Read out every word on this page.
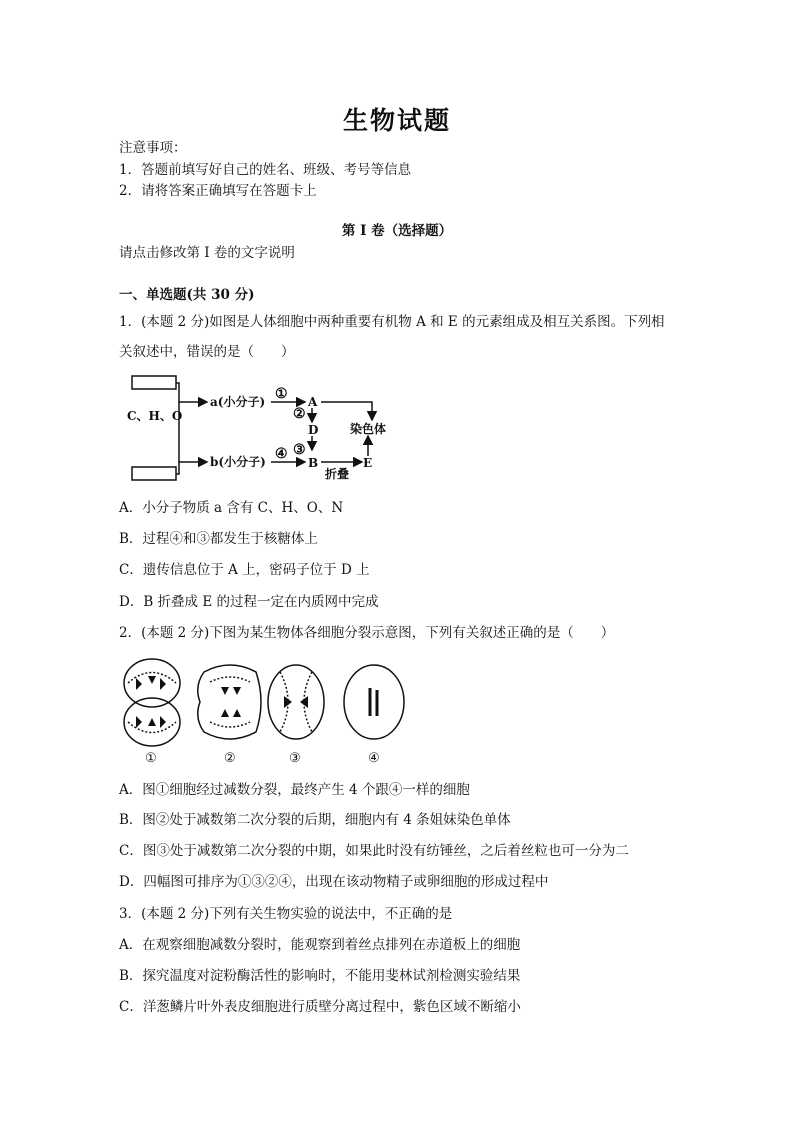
生物试题
注意事项：
1．答题前填写好自己的姓名、班级、考号等信息
2．请将答案正确填写在答题卡上
第 I 卷（选择题）
请点击修改第 I 卷的文字说明
一、单选题(共 30 分)
1．(本题 2 分)如图是人体细胞中两种重要有机物 A 和 E 的元素组成及相互关系图。下列相
关叙述中，错误的是（　　）
C、H、O
a(小分子)
b(小分子)
①
②
③
④
A
D
B	E
染色体
折叠
A．小分子物质 a 含有 C、H、O、N
B．过程④和③都发生于核糖体上
C．遗传信息位于 A 上，密码子位于 D 上
D．B 折叠成 E 的过程一定在内质网中完成
2．(本题 2 分)下图为某生物体各细胞分裂示意图，下列有关叙述正确的是（　　）
①	②	③	④
A．图①细胞经过减数分裂，最终产生 4 个跟④一样的细胞
B．图②处于减数第二次分裂的后期，细胞内有 4 条姐妹染色单体
C．图③处于减数第二次分裂的中期，如果此时没有纺锤丝，之后着丝粒也可一分为二
D．四幅图可排序为①③②④，出现在该动物精子或卵细胞的形成过程中
3．(本题 2 分)下列有关生物实验的说法中，不正确的是
A．在观察细胞减数分裂时，能观察到着丝点排列在赤道板上的细胞
B．探究温度对淀粉酶活性的影响时，不能用斐林试剂检测实验结果
C．洋葱鳞片叶外表皮细胞进行质壁分离过程中，紫色区域不断缩小
